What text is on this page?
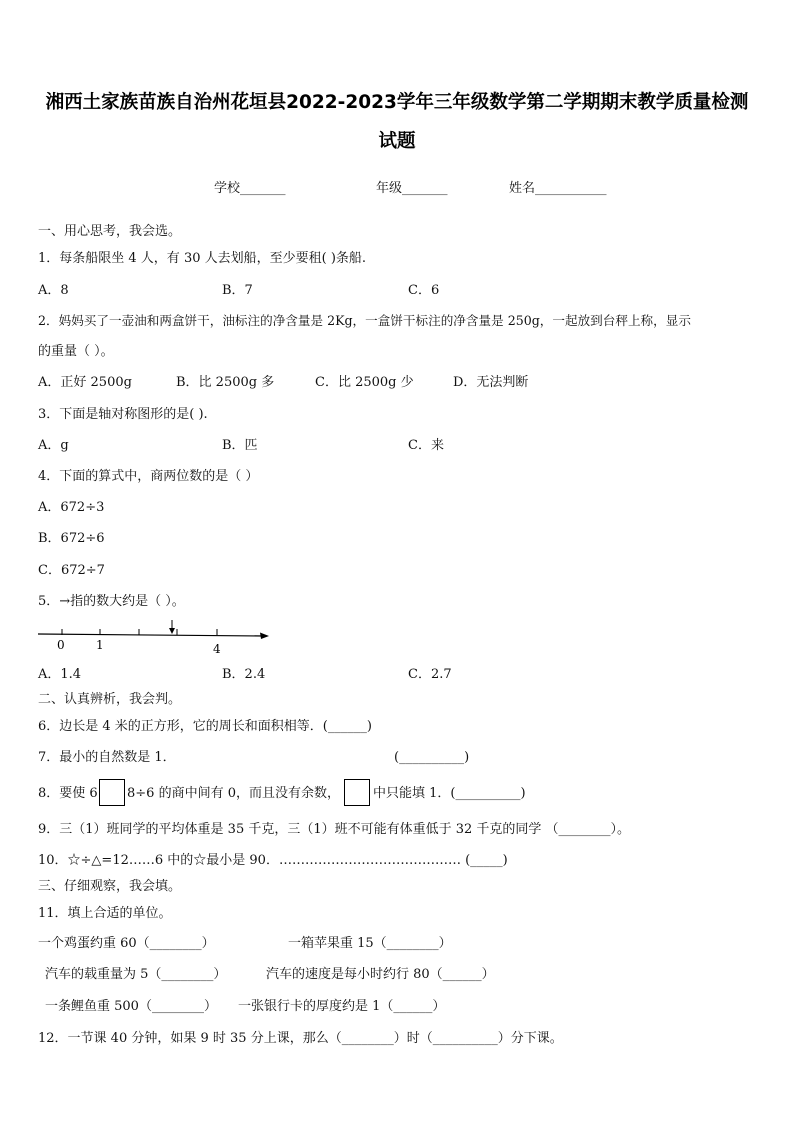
湘西土家族苗族自治州花垣县2022-2023学年三年级数学第二学期期末教学质量检测
试题
学校_______	年级_______	姓名___________
一、用心思考，我会选。
1．每条船限坐 4 人，有 30 人去划船，至少要租( )条船.
A．8	B．7	C．6
2．妈妈买了一壶油和两盒饼干，油标注的净含量是 2Kg，一盒饼干标注的净含量是 250g，一起放到台秤上称，显示
的重量（ ）。
A．正好 2500g	B．比 2500g 多	C．比 2500g 少	D．无法判断
3．下面是轴对称图形的是( ).
A．g	B．匹	C．来
4．下面的算式中，商两位数的是（ ）
A．672÷3
B．672÷6
C．672÷7
5．→指的数大约是（ ）。
0	1	4
A．1.4	B．2.4	C．2.7
二、认真辨析，我会判。
6．边长是 4 米的正方形，它的周长和面积相等．(______)
7．最小的自然数是 1．	(__________)
8．要使 6 8÷6 的商中间有 0，而且没有余数，	中只能填 1．(__________)
9．三（1）班同学的平均体重是 35 千克，三（1）班不可能有体重低于 32 千克的同学 （________）。
10．☆÷△=12……6 中的☆最小是 90．…………………………………… (_____)
三、仔细观察，我会填。
11．填上合适的单位。
一个鸡蛋约重 60（________）	一箱苹果重 15（________）
汽车的载重量为 5（________）	汽车的速度是每小时约行 80（______）
一条鲤鱼重 500（________） 一张银行卡的厚度约是 1（______）
12．一节课 40 分钟，如果 9 时 35 分上课，那么（________）时（__________）分下课。
